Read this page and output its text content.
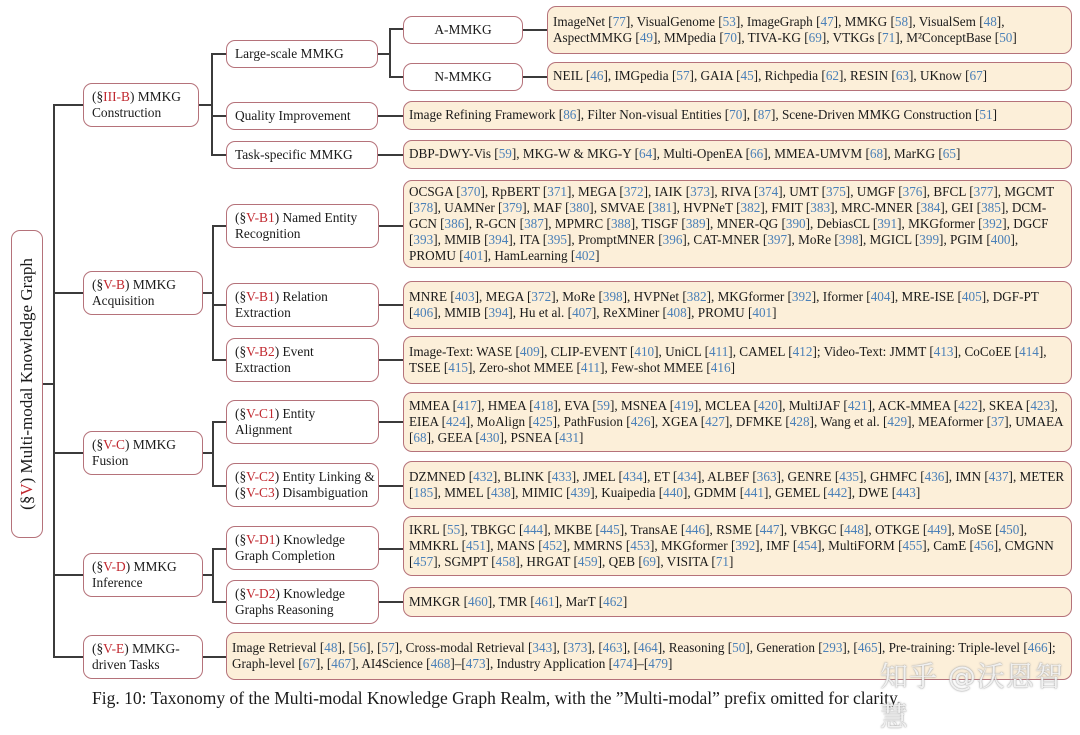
(§V) Multi-modal Knowledge Graph
(§III-B) MMKG
Construction
(§V-B) MMKG
Acquisition
(§V-C) MMKG
Fusion
(§V-D) MMKG
Inference
(§V-E) MMKG-
driven Tasks
Large-scale MMKG
Quality Improvement
Task-specific MMKG
A-MMKG
N-MMKG
ImageNet [77], VisualGenome [53], ImageGraph [47], MMKG [58], VisualSem [48], AspectMMKG [49], MMpedia [70], TIVA-KG [69], VTKGs [71], M²ConceptBase [50]
NEIL [46], IMGpedia [57], GAIA [45], Richpedia [62], RESIN [63], UKnow [67]
Image Refining Framework [86], Filter Non-visual Entities [70], [87], Scene-Driven MMKG Construction [51]
DBP-DWY-Vis [59], MKG-W & MKG-Y [64], Multi-OpenEA [66], MMEA-UMVM [68], MarKG [65]
(§V-B1) Named Entity
Recognition
(§V-B1) Relation
Extraction
(§V-B2) Event
Extraction
OCSGA [370], RpBERT [371], MEGA [372], IAIK [373], RIVA [374], UMT [375], UMGF [376], BFCL [377], MGCMT [378], UAMNer [379], MAF [380], SMVAE [381], HVPNeT [382], FMIT [383], MRC-MNER [384], GEI [385], DCM-GCN [386], R-GCN [387], MPMRC [388], TISGF [389], MNER-QG [390], DebiasCL [391], MKGformer [392], DGCF [393], MMIB [394], ITA [395], PromptMNER [396], CAT-MNER [397], MoRe [398], MGICL [399], PGIM [400], PROMU [401], HamLearning [402]
MNRE [403], MEGA [372], MoRe [398], HVPNet [382], MKGformer [392], Iformer [404], MRE-ISE [405], DGF-PT [406], MMIB [394], Hu et al. [407], ReXMiner [408], PROMU [401]
Image-Text: WASE [409], CLIP-EVENT [410], UniCL [411], CAMEL [412]; Video-Text: JMMT [413], CoCoEE [414], TSEE [415], Zero-shot MMEE [411], Few-shot MMEE [416]
(§V-C1) Entity
Alignment
(§V-C2) Entity Linking &
(§V-C3) Disambiguation
MMEA [417], HMEA [418], EVA [59], MSNEA [419], MCLEA [420], MultiJAF [421], ACK-MMEA [422], SKEA [423], EIEA [424], MoAlign [425], PathFusion [426], XGEA [427], DFMKE [428], Wang et al. [429], MEAformer [37], UMAEA [68], GEEA [430], PSNEA [431]
DZMNED [432], BLINK [433], JMEL [434], ET [434], ALBEF [363], GENRE [435], GHMFC [436], IMN [437], METER [185], MMEL [438], MIMIC [439], Kuaipedia [440], GDMM [441], GEMEL [442], DWE [443]
(§V-D1) Knowledge
Graph Completion
(§V-D2) Knowledge
Graphs Reasoning
IKRL [55], TBKGC [444], MKBE [445], TransAE [446], RSME [447], VBKGC [448], OTKGE [449], MoSE [450], MMKRL [451], MANS [452], MMRNS [453], MKGformer [392], IMF [454], MultiFORM [455], CamE [456], CMGNN [457], SGMPT [458], HRGAT [459], QEB [69], VISITA [71]
MMKGR [460], TMR [461], MarT [462]
Image Retrieval [48], [56], [57], Cross-modal Retrieval [343], [373], [463], [464], Reasoning [50], Generation [293], [465], Pre-training: Triple-level [466]; Graph-level [67], [467], AI4Science [468]–[473], Industry Application [474]–[479]
Fig. 10: Taxonomy of the Multi-modal Knowledge Graph Realm, with the ”Multi-modal” prefix omitted for clarity.
知乎 @沃恩智慧
